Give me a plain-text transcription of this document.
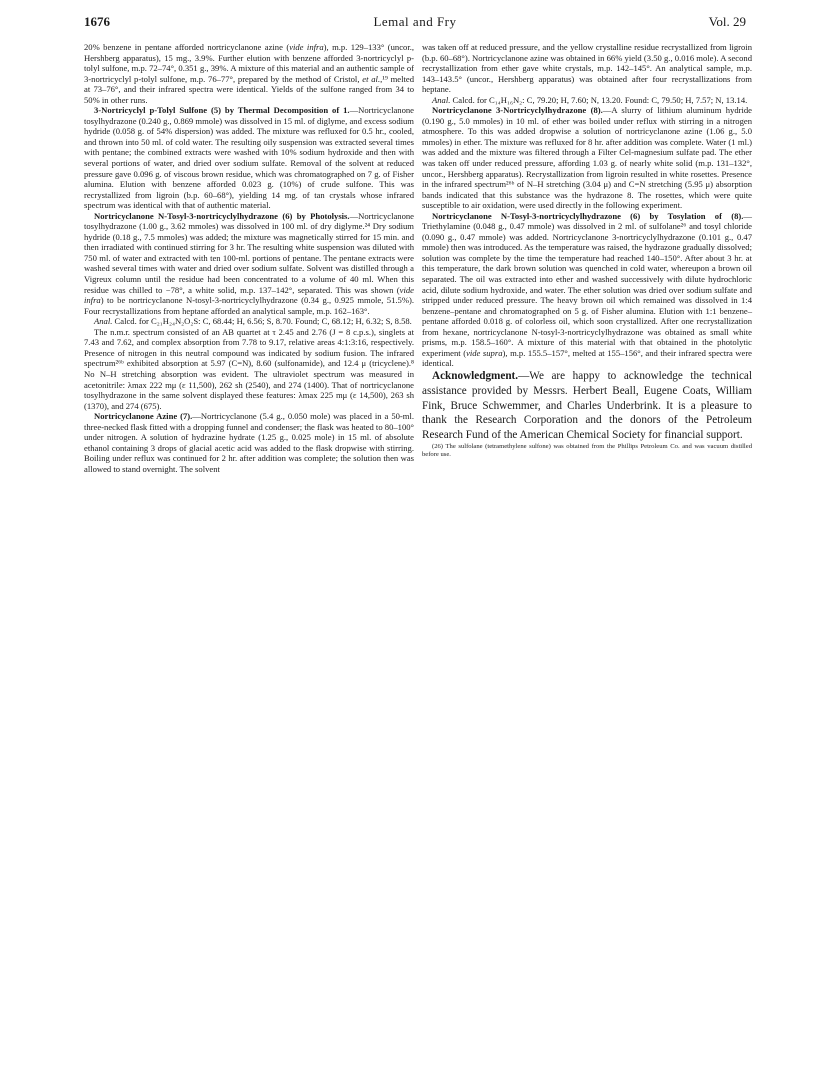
1676	Lemal and Fry	Vol. 29

20% benzene in pentane afforded nortricyclanone azine (vide infra), m.p. 129–133° (uncor., Hershberg apparatus), 15 mg., 3.9%. Further elution with benzene afforded 3-nortricyclyl p-tolyl sulfone, m.p. 72–74°, 0.351 g., 39%. A mixture of this material and an authentic sample of 3-nortricyclyl p-tolyl sulfone, m.p. 76–77°, prepared by the method of Cristol, et al.,¹⁹ melted at 73–76°, and their infrared spectra were identical. Yields of the sulfone ranged from 34 to 50% in other runs.

3-Nortricyclyl p-Tolyl Sulfone (5) by Thermal Decomposition of 1.—Nortricyclanone tosylhydrazone (0.240 g., 0.869 mmole) was dissolved in 15 ml. of diglyme, and excess sodium hydride (0.058 g. of 54% dispersion) was added. The mixture was refluxed for 0.5 hr., cooled, and thrown into 50 ml. of cold water. The resulting oily suspension was extracted several times with pentane; the combined extracts were washed with 10% sodium hydroxide and then with several portions of water, and dried over sodium sulfate. Removal of the solvent at reduced pressure gave 0.096 g. of viscous brown residue, which was chromatographed on 7 g. of Fisher alumina. Elution with benzene afforded 0.023 g. (10%) of crude sulfone. This was recrystallized from ligroin (b.p. 60–68°), yielding 14 mg. of tan crystals whose infrared spectrum was identical with that of authentic material.

Nortricyclanone N-Tosyl-3-nortricyclylhydrazone (6) by Photolysis.—Nortricyclanone tosylhydrazone (1.00 g., 3.62 mmoles) was dissolved in 100 ml. of dry diglyme.²⁴ Dry sodium hydride (0.18 g., 7.5 mmoles) was added; the mixture was magnetically stirred for 15 min. and then irradiated with continued stirring for 3 hr. The resulting white suspension was diluted with 750 ml. of water and extracted with ten 100-ml. portions of pentane. The pentane extracts were washed several times with water and dried over sodium sulfate. Solvent was distilled through a Vigreux column until the residue had been concentrated to a volume of 40 ml. When this residue was chilled to −78°, a white solid, m.p. 137–142°, separated. This was shown (vide infra) to be nortricyclanone N-tosyl-3-nortricyclylhydrazone (0.34 g., 0.925 mmole, 51.5%). Four recrystallizations from heptane afforded an analytical sample, m.p. 162–163°.

Anal. Calcd. for C₂₁H₂₄N₂O₂S: C, 68.44; H, 6.56; S, 8.70. Found; C, 68.12; H, 6.32; S, 8.58.

The n.m.r. spectrum consisted of an AB quartet at τ 2.45 and 2.76 (J = 8 c.p.s.), singlets at 7.43 and 7.62, and complex absorption from 7.78 to 9.17, relative areas 4:1:3:16, respectively. Presence of nitrogen in this neutral compound was indicated by sodium fusion. The infrared spectrum²⁶ᵇ exhibited absorption at 5.97 (C=N), 8.60 (sulfonamide), and 12.4 μ (tricyclene).⁸ No N–H stretching absorption was evident. The ultraviolet spectrum was measured in acetonitrile: λmax 222 mμ (ε 11,500), 262 sh (2540), and 274 (1400). That of nortricyclanone tosylhydrazone in the same solvent displayed these features: λmax 225 mμ (ε 14,500), 263 sh (1370), and 274 (675).

Nortricyclanone Azine (7).—Nortricyclanone (5.4 g., 0.050 mole) was placed in a 50-ml. three-necked flask fitted with a dropping funnel and condenser; the flask was heated to 80–100° under nitrogen. A solution of hydrazine hydrate (1.25 g., 0.025 mole) in 15 ml. of absolute ethanol containing 3 drops of glacial acetic acid was added to the flask dropwise with stirring. Boiling under reflux was continued for 2 hr. after addition was complete; the solution then was allowed to stand overnight. The solvent

was taken off at reduced pressure, and the yellow crystalline residue recrystallized from ligroin (b.p. 60–68°). Nortricyclanone azine was obtained in 66% yield (3.50 g., 0.016 mole). A second recrystallization from ether gave white crystals, m.p. 142–145°. An analytical sample, m.p. 143–143.5° (uncor., Hershberg apparatus) was obtained after four recrystallizations from heptane.

Anal. Calcd. for C₁₄H₁₆N₂: C, 79.20; H, 7.60; N, 13.20. Found: C, 79.50; H, 7.57; N, 13.14.

Nortricyclanone 3-Nortricyclylhydrazone (8).—A slurry of lithium aluminum hydride (0.190 g., 5.0 mmoles) in 10 ml. of ether was boiled under reflux with stirring in a nitrogen atmosphere. To this was added dropwise a solution of nortricyclanone azine (1.06 g., 5.0 mmoles) in ether. The mixture was refluxed for 8 hr. after addition was complete. Water (1 ml.) was added and the mixture was filtered through a Filter Cel-magnesium sulfate pad. The ether was taken off under reduced pressure, affording 1.03 g. of nearly white solid (m.p. 131–132°, uncor., Hershberg apparatus). Recrystallization from ligroin resulted in white rosettes. Presence in the infrared spectrum²⁶ᵇ of N–H stretching (3.04 μ) and C=N stretching (5.95 μ) absorption bands indicated that this substance was the hydrazone 8. The rosettes, which were quite susceptible to air oxidation, were used directly in the following experiment.

Nortricyclanone N-Tosyl-3-nortricyclylhydrazone (6) by Tosylation of (8).—Triethylamine (0.048 g., 0.47 mmole) was dissolved in 2 ml. of sulfolane²⁶ and tosyl chloride (0.090 g., 0.47 mmole) was added. Nortricyclanone 3-nortricyclylhydrazone (0.101 g., 0.47 mmole) then was introduced. As the temperature was raised, the hydrazone gradually dissolved; solution was complete by the time the temperature had reached 140–150°. After about 3 hr. at this temperature, the dark brown solution was quenched in cold water, whereupon a brown oil separated. The oil was extracted into ether and washed successively with dilute hydrochloric acid, dilute sodium hydroxide, and water. The ether solution was dried over sodium sulfate and stripped under reduced pressure. The heavy brown oil which remained was dissolved in 1:4 benzene–pentane and chromatographed on 5 g. of Fisher alumina. Elution with 1:1 benzene–pentane afforded 0.018 g. of colorless oil, which soon crystallized. After one recrystallization from hexane, nortricyclanone N-tosyl-3-nortricyclylhydrazone was obtained as small white prisms, m.p. 158.5–160°. A mixture of this material with that obtained in the photolytic experiment (vide supra), m.p. 155.5–157°, melted at 155–156°, and their infrared spectra were identical.

Acknowledgment.—We are happy to acknowledge the technical assistance provided by Messrs. Herbert Beall, Eugene Coats, William Fink, Bruce Schwemmer, and Charles Underbrink. It is a pleasure to thank the Research Corporation and the donors of the Petroleum Research Fund of the American Chemical Society for financial support.

(26) The sulfolane (tetramethylene sulfone) was obtained from the Phillips Petroleum Co. and was vacuum distilled before use.
